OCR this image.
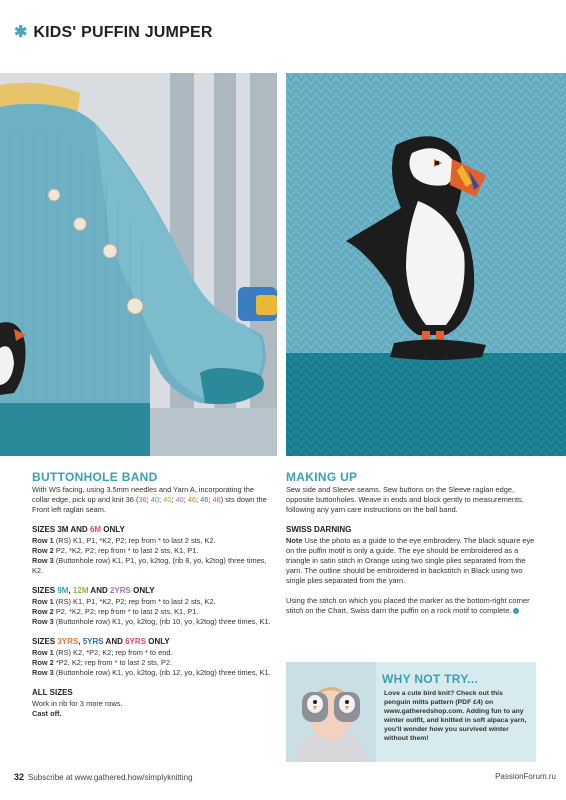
✱ KIDS' PUFFIN JUMPER
BUTTONHOLE BAND
With WS facing, using 3.5mm needles and Yarn A, incorporating the collar edge, pick up and knit 36 (36; 40; 40; 40; 46; 46; 46) sts down the Front left raglan seam.
SIZES 3M AND 6M ONLY
Row 1 (RS) K1, P1, *K2, P2; rep from * to last 2 sts, K2.
Row 2 P2, *K2, P2; rep from * to last 2 sts, K1, P1.
Row 3 (Buttonhole row) K1, P1, yo, k2tog, (rib 8, yo, k2tog) three times, K2.
SIZES 9M, 12M AND 2YRS ONLY
Row 1 (RS) K1, P1, *K2, P2; rep from * to last 2 sts, K2.
Row 2 P2, *K2, P2; rep from * to last 2 sts, K1, P1.
Row 3 (Buttonhole row) K1, yo, k2tog, (rib 10, yo, k2tog) three times, K1.
SIZES 3YRS, 5YRS AND 6YRS ONLY
Row 1 (RS) K2, *P2, K2; rep from * to end.
Row 2 *P2, K2; rep from * to last 2 sts, P2.
Row 3 (Buttonhole row) K1, yo, k2tog, (rib 12, yo, k2tog) three times, K1.
ALL SIZES
Work in rib for 3 more rows.
Cast off.
MAKING UP
Sew side and Sleeve seams. Sew buttons on the Sleeve raglan edge, opposite buttonholes. Weave in ends and block gently to measurements, following any yarn care instructions on the ball band.
SWISS DARNING
Note Use the photo as a guide to the eye embroidery. The black square eye on the puffin motif is only a guide. The eye should be embroidered as a triangle in satin stitch in Orange using two single plies separated from the yarn. The outline should be embroidered in backstitch in Black using two single plies separated from the yarn.
Using the stitch on which you placed the marker as the bottom-right corner stitch on the Chart, Swiss darn the puffin on a rock motif to complete.
WHY NOT TRY...
Love a cute bird knit? Check out this penguin mitts pattern (PDF £4) on www.gatheredshop.com. Adding fun to any winter outfit, and knitted in soft alpaca yarn, you'll wonder how you survived winter without them!
32 Subscribe at www.gathered.how/simplyknitting	PassionForum.ru
